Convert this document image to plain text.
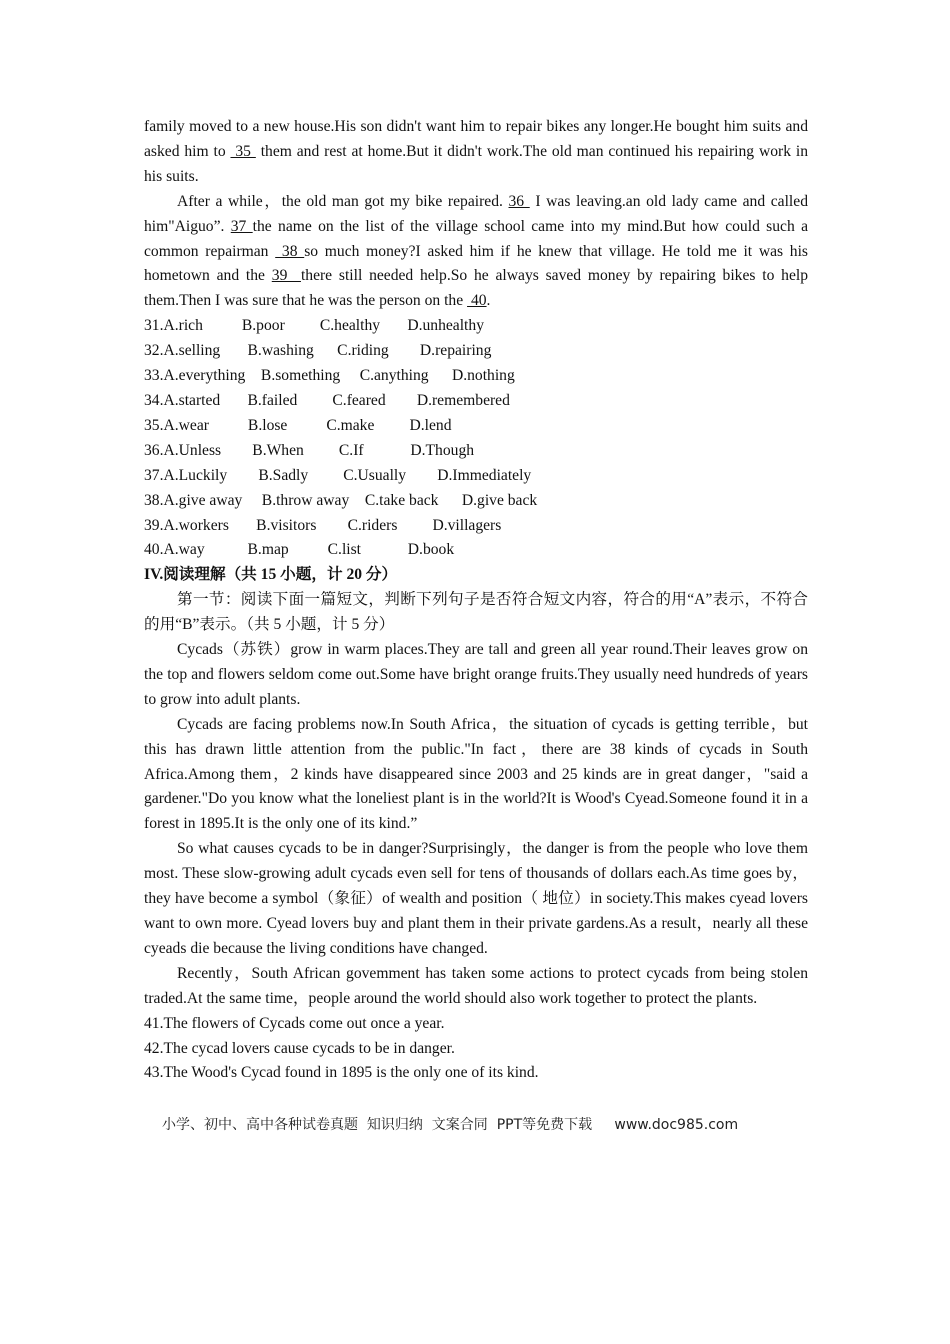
family moved to a new house.His son didn't want him to repair bikes any longer.He bought him suits and asked him to  35  them and rest at home.But it didn't work.The old man continued his repairing work in his suits.

After a while，the old man got my bike repaired. 36  I was leaving.an old lady came and called him"Aiguo”. 37 the name on the list of the village school came into my mind.But how could such a common repairman  38 so much money?I asked him if he knew that village. He told me it was his hometown and the 39  there still needed help.So he always saved money by repairing bikes to help them.Then I was sure that he was the person on the  40.

31.A.rich          B.poor         C.healthy       D.unhealthy
32.A.selling       B.washing      C.riding        D.repairing
33.A.everything    B.something     C.anything      D.nothing
34.A.started       B.failed         C.feared        D.remembered
35.A.wear          B.lose          C.make         D.lend
36.A.Unless        B.When         C.If            D.Though
37.A.Luckily        B.Sadly         C.Usually        D.Immediately
38.A.give away     B.throw away    C.take back      D.give back
39.A.workers       B.visitors        C.riders         D.villagers
40.A.way           B.map          C.list            D.book
IV.阅读理解（共 15 小题，计 20 分）

第一节：阅读下面一篇短文，判断下列句子是否符合短文内容，符合的用“A”表示，不符合的用“B”表示。（共 5 小题，计 5 分）

Cycads（苏铁）grow in warm places.They are tall and green all year round.Their leaves grow on the top and flowers seldom come out.Some have bright orange fruits.They usually need hundreds of years to grow into adult plants.

Cycads are facing problems now.In South Africa，the situation of cycads is getting terrible，but this has drawn little attention from the public."In fact，there are 38 kinds of cycads in South Africa.Among them，2 kinds have disappeared since 2003 and 25 kinds are in great danger，"said a gardener."Do you know what the loneliest plant is in the world?It is Wood's Cyead.Someone found it in a forest in 1895.It is the only one of its kind.”

So what causes cycads to be in danger?Surprisingly，the danger is from the people who love them most. These slow-growing adult cycads even sell for tens of thousands of dollars each.As time goes by，they have become a symbol（象征）of wealth and position（ 地位）in society.This makes cyead lovers want to own more. Cyead lovers buy and plant them in their private gardens.As a result，nearly all these cyeads die because the living conditions have changed.

Recently，South African govemment has taken some actions to protect cycads from being stolen traded.At the same time，people around the world should also work together to protect the plants.

41.The flowers of Cycads come out once a year.
42.The cycad lovers cause cycads to be in danger.
43.The Wood's Cycad found in 1895 is the only one of its kind.
小学、初中、高中各种试卷真题  知识归纳  文案合同  PPT等免费下载     www.doc985.com
